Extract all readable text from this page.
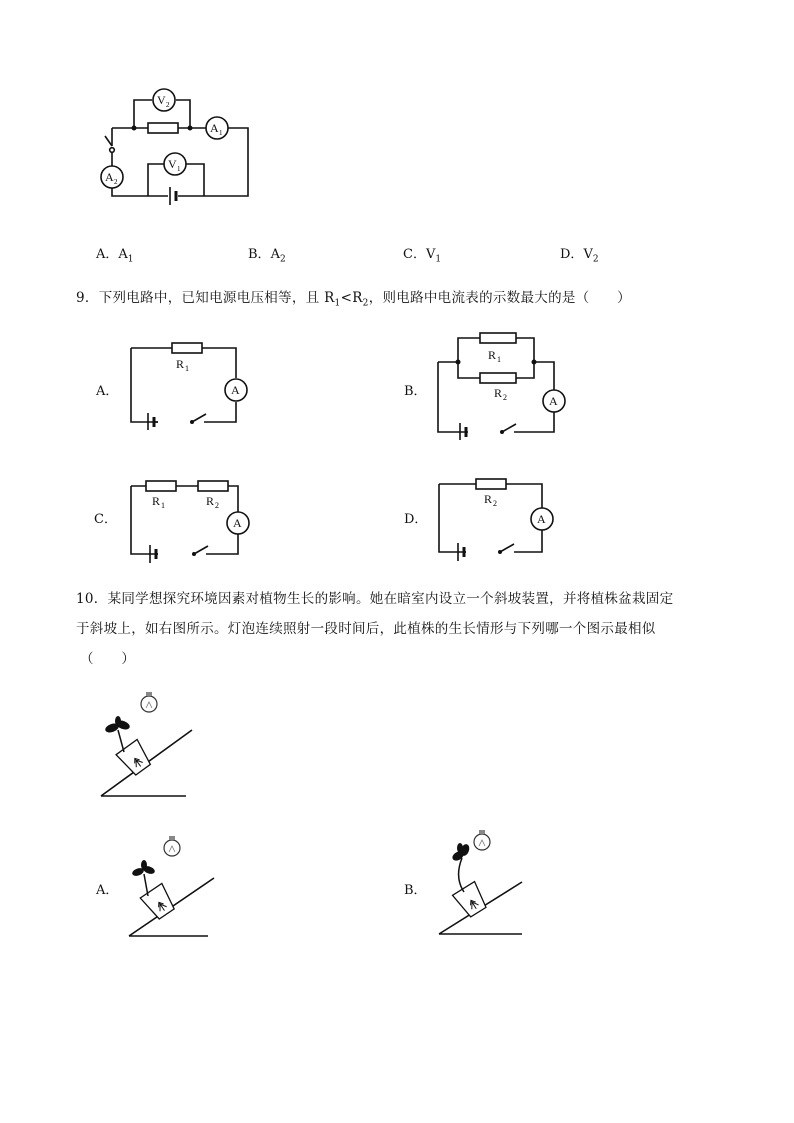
V 2
A 1
A 2
V 1
A．$A_1$	B．$A_2$	C．$V_1$	D．$V_2$
9．下列电路中，已知电源电压相等，且 $R_1<R_2$，则电路中电流表的示数最大的是（　　）
A．	B．
C．	D．
R 1
A
R 1
R 2	A
R 1	R 2
A
R 2
A
10．某同学想探究环境因素对植物生长的影响。她在暗室内设立一个斜坡装置，并将植株盆栽固定
于斜坡上，如右图所示。灯泡连续照射一段时间后，此植株的生长情形与下列哪一个图示最相似
（　　）
A．	B．
